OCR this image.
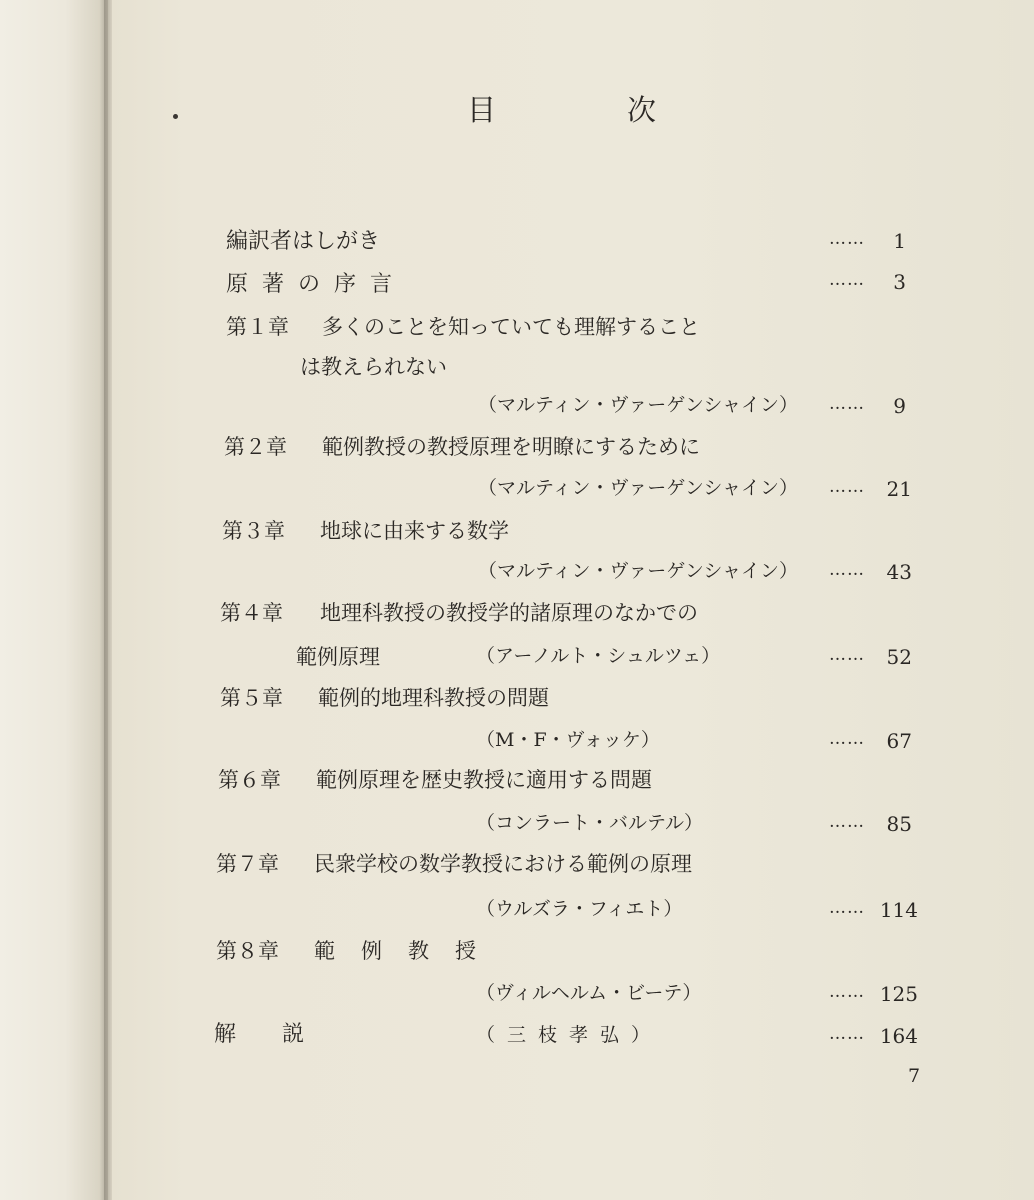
目	次
編訳者はしがき	……	1
原著の序言	……	3
第１章 多くのことを知っていても理解すること
は教えられない
（マルティン・ヴァーゲンシャイン） ……	9
第２章 範例教授の教授原理を明瞭にするために
（マルティン・ヴァーゲンシャイン） ……	21
第３章 地球に由来する数学
（マルティン・ヴァーゲンシャイン） ……	43
第４章 地理科教授の教授学的諸原理のなかでの
範例原理	（アーノルト・シュルツェ）	……	52
第５章 範例的地理科教授の問題
（M・F・ヴォッケ）	……	67
第６章 範例原理を歴史教授に適用する問題
（コンラート・バルテル）	……	85
第７章 民衆学校の数学教授における範例の原理
（ウルズラ・フィエト）	…… 114
第８章 範例教授
（ヴィルヘルム・ビーテ）	…… 125
解説	（三枝孝弘）	…… 164
7
